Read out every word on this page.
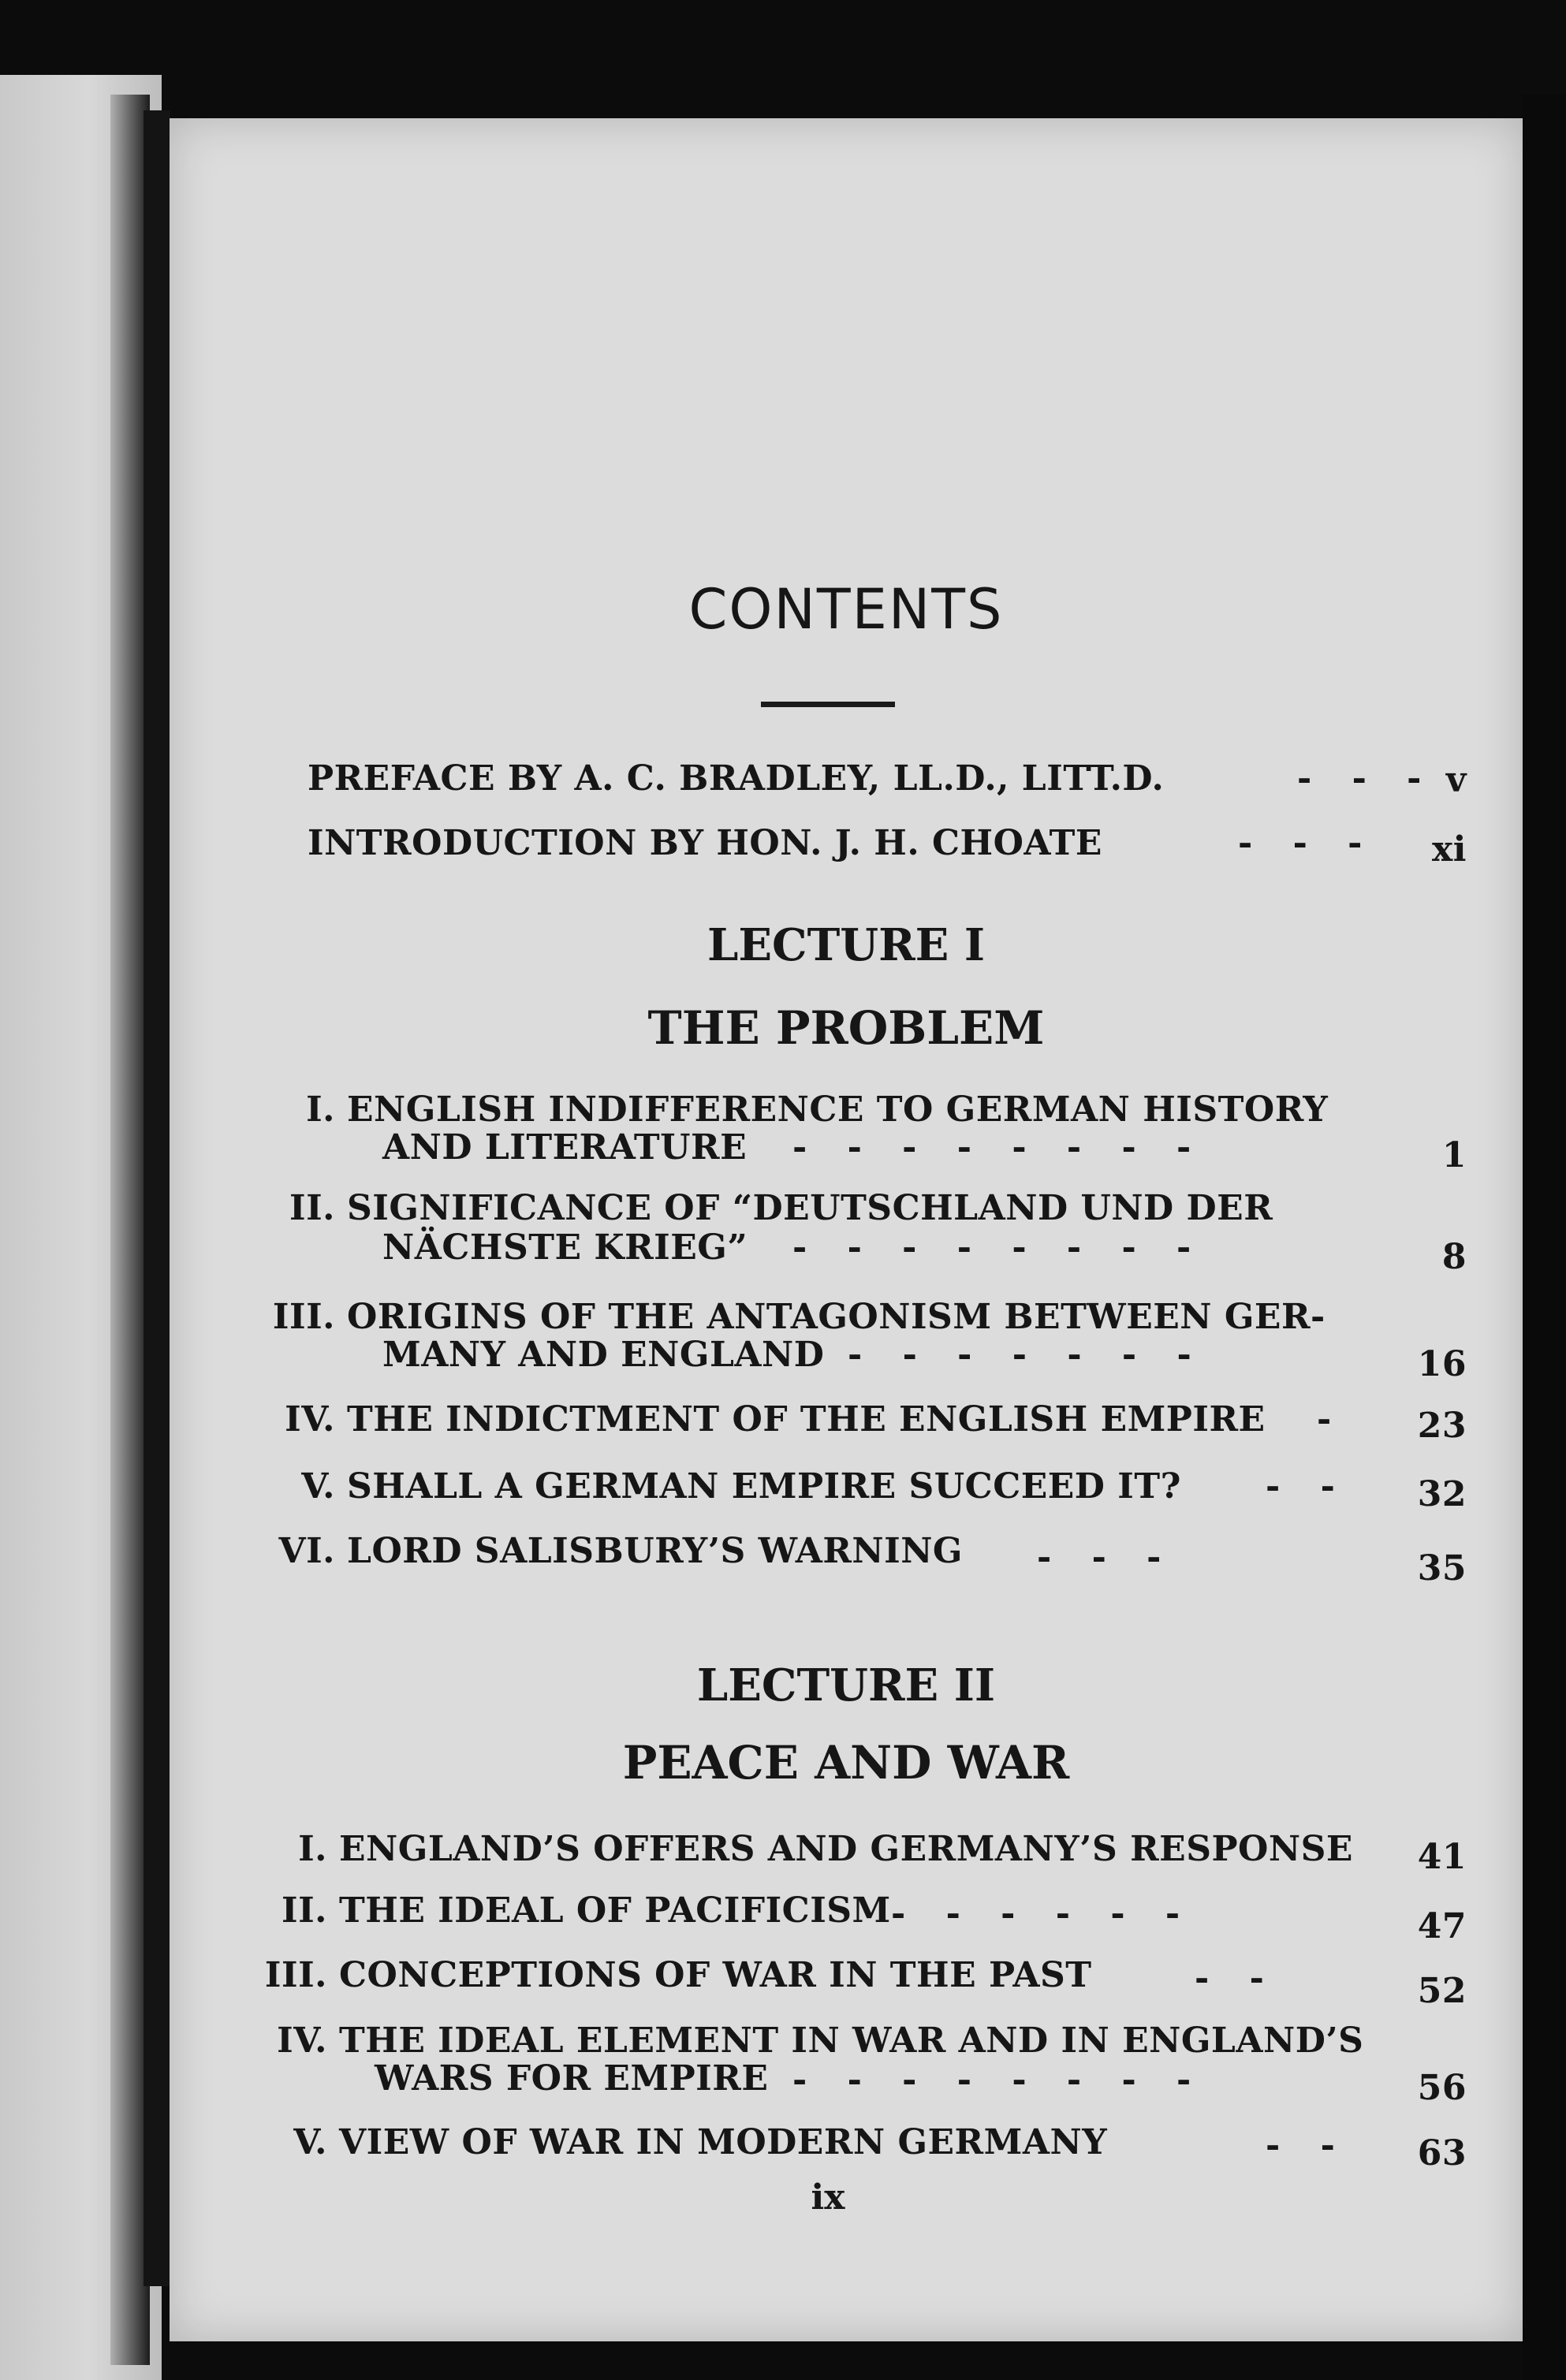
CONTENTS
PREFACE BY A. C. BRADLEY, LL.D., LITT.D.	- - - v
INTRODUCTION BY HON. J. H. CHOATE	- - -	xi
LECTURE I
THE PROBLEM
I. ENGLISH INDIFFERENCE TO GERMAN HISTORY
AND LITERATURE - - - - - - - -	1
II. SIGNIFICANCE OF “DEUTSCHLAND UND DER
NÄCHSTE KRIEG” - - - - - - - -	8
III. ORIGINS OF THE ANTAGONISM BETWEEN GER-
MANY AND ENGLAND - - - - - - -	16
IV. THE INDICTMENT OF THE ENGLISH EMPIRE -	23
V. SHALL A GERMAN EMPIRE SUCCEED IT? - -	32
VI. LORD SALISBURY’S WARNING - - -	35
LECTURE II
PEACE AND WAR
I. ENGLAND’S OFFERS AND GERMANY’S RESPONSE	41
II. THE IDEAL OF PACIFICISM - - - - - -	47
III. CONCEPTIONS OF WAR IN THE PAST	- -	52
IV. THE IDEAL ELEMENT IN WAR AND IN ENGLAND’S
WARS FOR EMPIRE - - - - - - - -	56
V. VIEW OF WAR IN MODERN GERMANY	- -	63
ix
